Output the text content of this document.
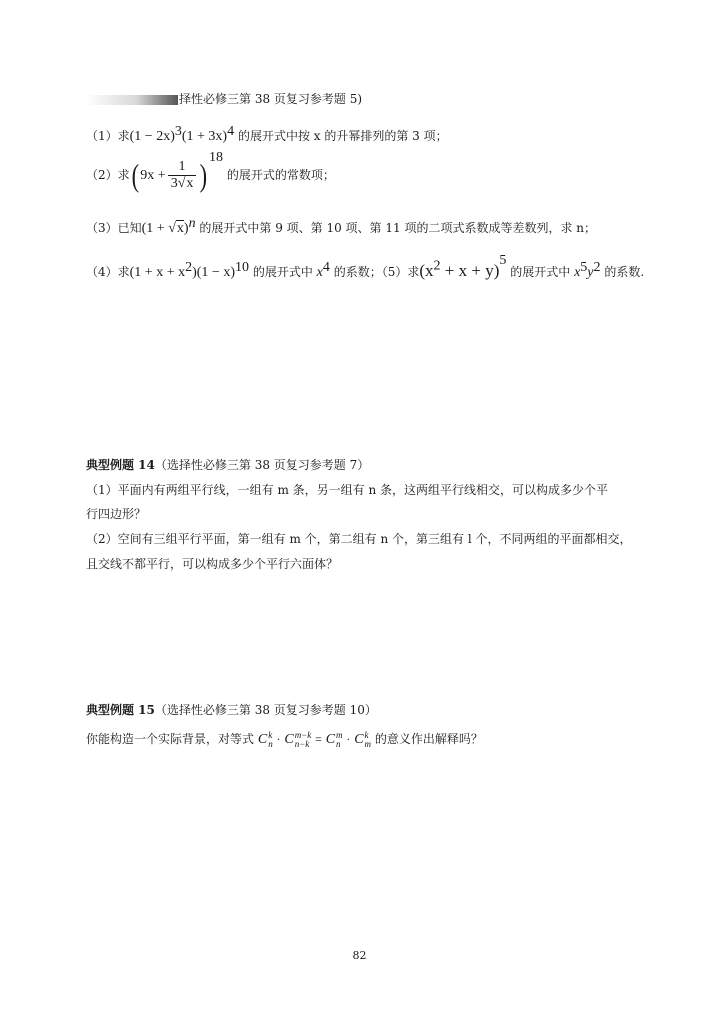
择性必修三第 38 页复习参考题 5)
（1）求$(1 - 2x)^3(1 + 3x)^4$ 的展开式中按 x 的升幂排列的第 3 项；
（2）求( $9x + \frac{1}{3√x}$ ) $^{18}$ 的展开式的常数项；
（3）已知$(1 + √x)^n$ 的展开式中第 9 项、第 10 项、第 11 项的二项式系数成等差数列，求 n；
（4）求$(1 + x + x^2)(1 - x)^{10}$ 的展开式中 $x^4$ 的系数；（5）求$(x^2 + x + y)^5$ 的展开式中 $x^5y^2$ 的系数.
典型例题 14（选择性必修三第 38 页复习参考题 7）
（1）平面内有两组平行线，一组有 m 条，另一组有 n 条，这两组平行线相交，可以构成多少个平
行四边形？
（2）空间有三组平行平面，第一组有 m 个，第二组有 n 个，第三组有 l 个，不同两组的平面都相交，
且交线不都平行，可以构成多少个平行六面体？
典型例题 15（选择性必修三第 38 页复习参考题 10）
你能构造一个实际背景，对等式 C k
n · C m−k
n−k = C m
n · C k
m 的意义作出解释吗？
82
